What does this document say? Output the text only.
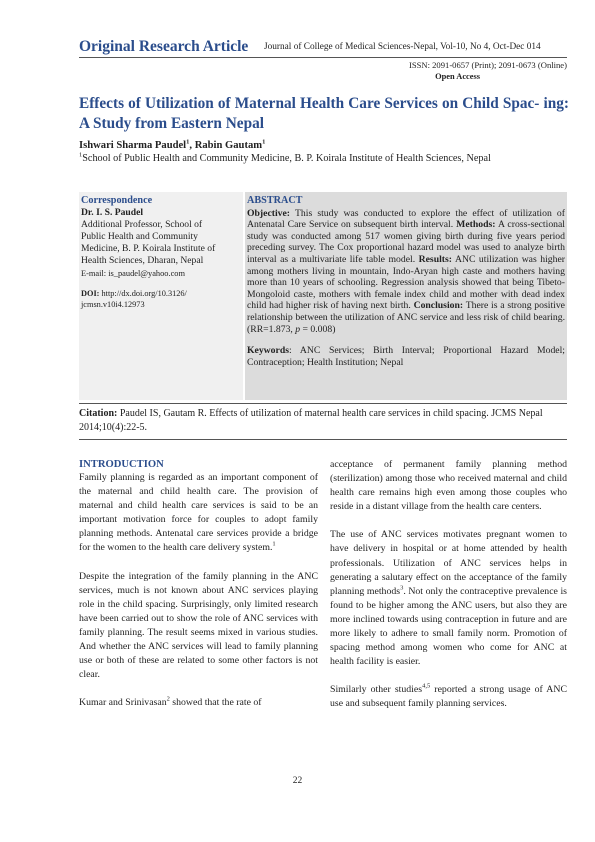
Original Research Article Journal of College of Medical Sciences-Nepal, Vol-10, No 4, Oct-Dec 014
ISSN: 2091-0657 (Print); 2091-0673 (Online)
Open Access
Effects of Utilization of Maternal Health Care Services on Child Spac- ing: A Study from Eastern Nepal
Ishwari Sharma Paudel$^1$, Rabin Gautam$^1$
$^1$School of Public Health and Community Medicine, B. P. Koirala Institute of Health Sciences, Nepal
Correspondence
Dr. I. S. Paudel
Additional Professor, School of
Public Health and Community
Medicine, B. P. Koirala Institute of
Health Sciences, Dharan, Nepal
E-mail: is_paudel@yahoo.com
DOI: http://dx.doi.org/10.3126/
jcmsn.v10i4.12973
ABSTRACT
Objective: This study was conducted to explore the effect of utilization of Antenatal Care Service on subsequent birth interval. Methods: A cross-sectional study was conducted among 517 women giving birth during five years period preceding survey. The Cox proportional hazard model was used to analyze birth interval as a multivariate life table model. Results: ANC utilization was higher among mothers living in mountain, Indo-Aryan high caste and mothers having more than 10 years of schooling. Regression analysis showed that being Tibeto-Mongoloid caste, mothers with female index child and mother with dead index child had higher risk of having next birth. Conclusion: There is a strong positive relationship between the utilization of ANC service and less risk of child bearing. (RR=1.873, p = 0.008)
Keywords: ANC Services; Birth Interval; Proportional Hazard Model; Contraception; Health Institution; Nepal
Citation: Paudel IS, Gautam R. Effects of utilization of maternal health care services in child spacing. JCMS Nepal 2014;10(4):22-5.
INTRODUCTION

Family planning is regarded as an important component of the maternal and child health care. The provision of maternal and child health care services is said to be an important motivation force for couples to adopt family planning methods. Antenatal care services provide a bridge for the women to the health care delivery system.$^1$

Despite the integration of the family planning in the ANC services, much is not known about ANC services playing role in the child spacing. Surprisingly, only limited research have been carried out to show the role of ANC services with family planning. The result seems mixed in various studies. And whether the ANC services will lead to family planning use or both of these are related to some other factors is not clear.

Kumar and Srinivasan$^2$ showed that the rate of

acceptance of permanent family planning method (sterilization) among those who received maternal and child health care remains high even among those couples who reside in a distant village from the health care centers.

The use of ANC services motivates pregnant women to have delivery in hospital or at home attended by health professionals. Utilization of ANC services helps in generating a salutary effect on the acceptance of the family planning methods$^3$. Not only the contraceptive prevalence is found to be higher among the ANC users, but also they are more inclined towards using contraception in future and are more likely to adhere to small family norm. Promotion of spacing method among women who come for ANC at health facility is easier.

Similarly other studies$^{4,5}$ reported a strong usage of ANC use and subsequent family planning services.

22
